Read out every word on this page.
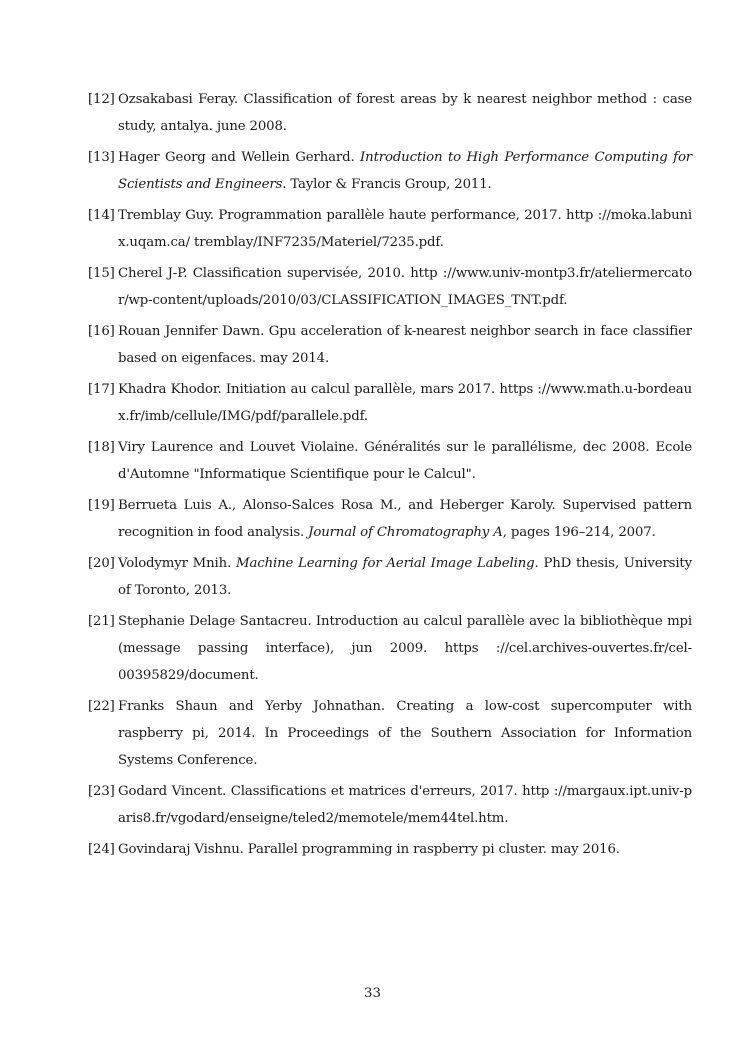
[12] Ozsakabasi Feray. Classification of forest areas by k nearest neighbor method : case study, antalya. june 2008.
[13] Hager Georg and Wellein Gerhard. Introduction to High Performance Computing for Scientists and Engineers. Taylor & Francis Group, 2011.
[14] Tremblay Guy. Programmation parallèle haute performance, 2017. http ://moka.labunix.uqam.ca/ tremblay/INF7235/Materiel/7235.pdf.
[15] Cherel J-P. Classification supervisée, 2010. http ://www.univ-montp3.fr/ateliermercator/wp-content/uploads/2010/03/CLASSIFICATION_IMAGES_TNT.pdf.
[16] Rouan Jennifer Dawn. Gpu acceleration of k-nearest neighbor search in face classifier based on eigenfaces. may 2014.
[17] Khadra Khodor. Initiation au calcul parallèle, mars 2017. https ://www.math.u-bordeaux.fr/imb/cellule/IMG/pdf/parallele.pdf.
[18] Viry Laurence and Louvet Violaine. Généralités sur le parallélisme, dec 2008. Ecole d'Automne "Informatique Scientifique pour le Calcul".
[19] Berrueta Luis A., Alonso-Salces Rosa M., and Heberger Karoly. Supervised pattern recognition in food analysis. Journal of Chromatography A, pages 196–214, 2007.
[20] Volodymyr Mnih. Machine Learning for Aerial Image Labeling. PhD thesis, University of Toronto, 2013.
[21] Stephanie Delage Santacreu. Introduction au calcul parallèle avec la bibliothèque mpi (message passing interface), jun 2009. https ://cel.archives-ouvertes.fr/cel-00395829/document.
[22] Franks Shaun and Yerby Johnathan. Creating a low-cost supercomputer with raspberry pi, 2014. In Proceedings of the Southern Association for Information Systems Conference.
[23] Godard Vincent. Classifications et matrices d'erreurs, 2017. http ://margaux.ipt.univ-paris8.fr/vgodard/enseigne/teled2/memotele/mem44tel.htm.
[24] Govindaraj Vishnu. Parallel programming in raspberry pi cluster. may 2016.
33
